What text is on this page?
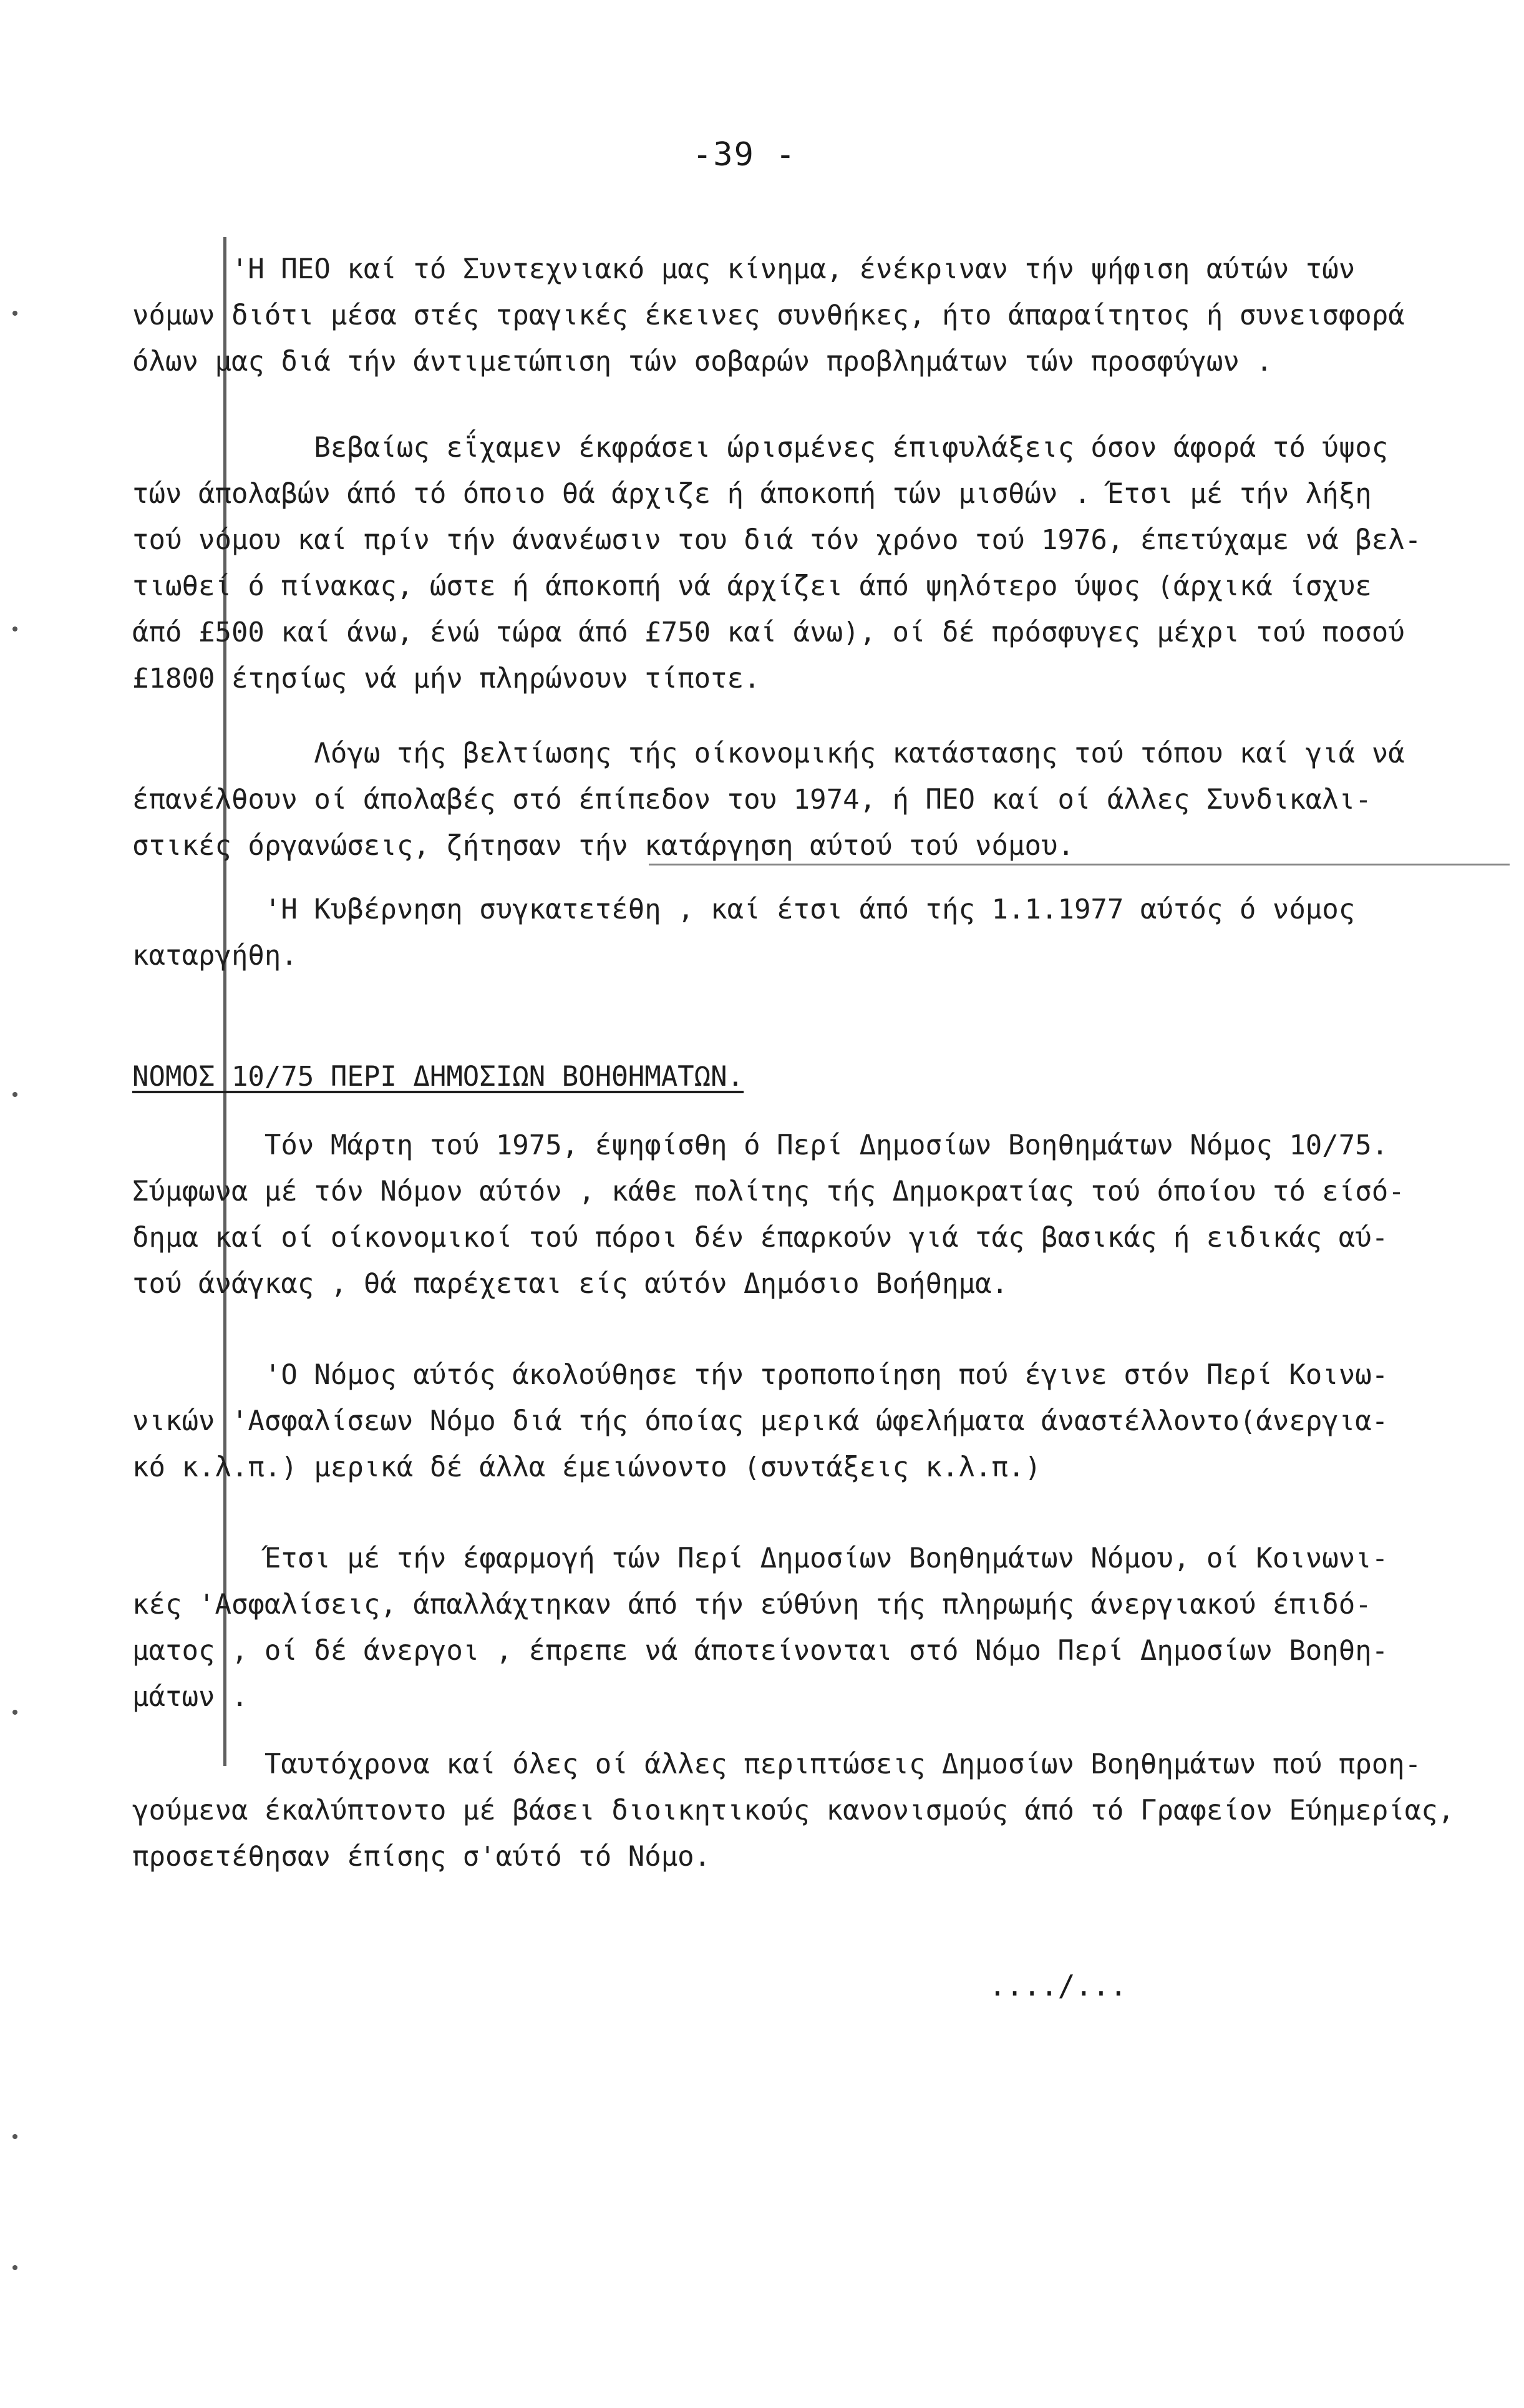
-39 -
'Η ΠΕΟ καί τό Συντεχνιακό μας κίνημα, ένέκριναν τήν ψήφιση αύτών τών
νόμων διότι μέσα στές τραγικές έκεινες συνθήκες, ήτο άπαραίτητος ή συνεισφορά
όλων μας διά τήν άντιμετώπιση τών σοβαρών προβλημάτων τών προσφύγων .
Βεβαίως εΐχαμεν έκφράσει ώρισμένες έπιφυλάξεις όσον άφορά τό ύψος
τών άπολαβών άπό τό όποιο θά άρχιζε ή άποκοπή τών μισθών . Έτσι μέ τήν λήξη
τού νόμου καί πρίν τήν άνανέωσιν του διά τόν χρόνο τού 1976, έπετύχαμε νά βελ-
τιωθεί ό πίνακας, ώστε ή άποκοπή νά άρχίζει άπό ψηλότερο ύψος (άρχικά ίσχυε
άπό £500 καί άνω, ένώ τώρα άπό £750 καί άνω), οί δέ πρόσφυγες μέχρι τού ποσού
£1800 έτησίως νά μήν πληρώνουν τίποτε.
Λόγω τής βελτίωσης τής οίκονομικής κατάστασης τού τόπου καί γιά νά
έπανέλθουν οί άπολαβές στό έπίπεδον του 1974, ή ΠΕΟ καί οί άλλες Συνδικαλι-
στικές όργανώσεις, ζήτησαν τήν κατάργηση αύτού τού νόμου.
'Η Κυβέρνηση συγκατετέθη , καί έτσι άπό τής 1.1.1977 αύτός ό νόμος
καταργήθη.
ΝΟΜΟΣ 10/75 ΠΕΡΙ ΔΗΜΟΣΙΩΝ ΒΟΗΘΗΜΑΤΩΝ.
Τόν Μάρτη τού 1975, έψηφίσθη ό Περί Δημοσίων Βοηθημάτων Νόμος 10/75.
Σύμφωνα μέ τόν Νόμον αύτόν , κάθε πολίτης τής Δημοκρατίας τού όποίου τό είσό-
δημα καί οί οίκονομικοί τού πόροι δέν έπαρκούν γιά τάς βασικάς ή ειδικάς αύ-
τού άνάγκας , θά παρέχεται είς αύτόν Δημόσιο Βοήθημα.
'Ο Νόμος αύτός άκολούθησε τήν τροποποίηση πού έγινε στόν Περί Κοινω-
νικών 'Ασφαλίσεων Νόμο διά τής όποίας μερικά ώφελήματα άναστέλλοντο(άνεργια-
κό κ.λ.π.) μερικά δέ άλλα έμειώνοντο (συντάξεις κ.λ.π.)
Έτσι μέ τήν έφαρμογή τών Περί Δημοσίων Βοηθημάτων Νόμου, οί Κοινωνι-
κές 'Ασφαλίσεις, άπαλλάχτηκαν άπό τήν εύθύνη τής πληρωμής άνεργιακού έπιδό-
ματος , οί δέ άνεργοι , έπρεπε νά άποτείνονται στό Νόμο Περί Δημοσίων Βοηθη-
μάτων .
Ταυτόχρονα καί όλες οί άλλες περιπτώσεις Δημοσίων Βοηθημάτων πού προη-
γούμενα έκαλύπτοντο μέ βάσει διοικητικούς κανονισμούς άπό τό Γραφείον Εύημερίας,
προσετέθησαν έπίσης σ'αύτό τό Νόμο.
..../...
